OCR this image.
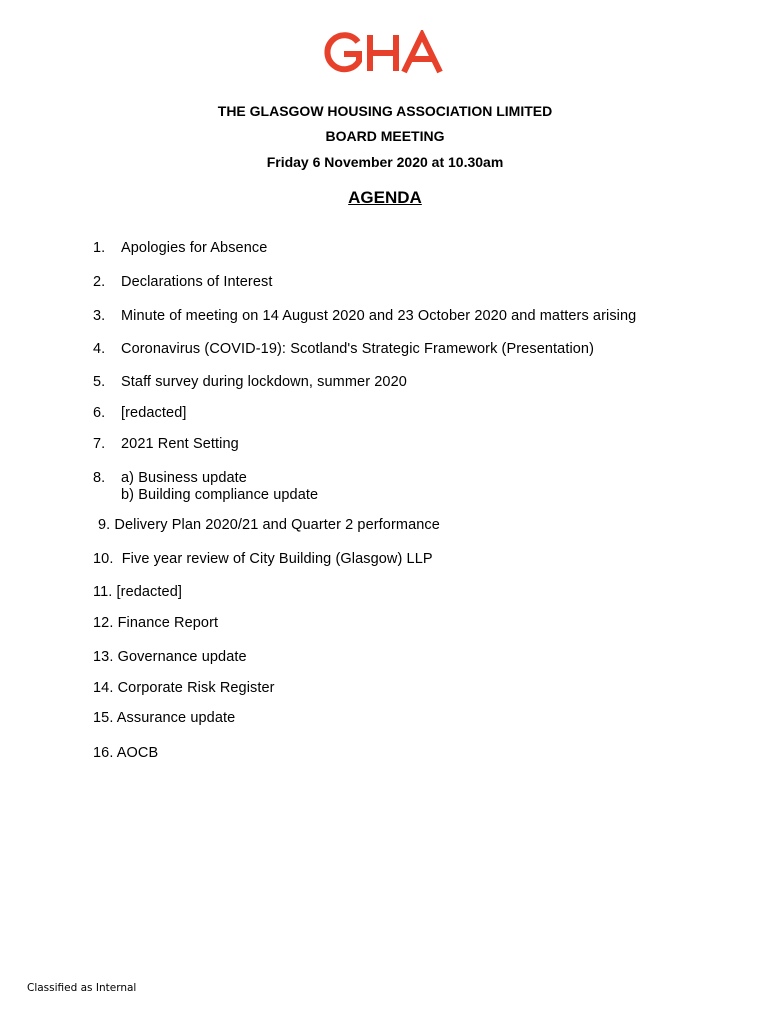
THE GLASGOW HOUSING ASSOCIATION LIMITED
BOARD MEETING
Friday 6 November 2020 at 10.30am
AGENDA
1. Apologies for Absence
2. Declarations of Interest
3. Minute of meeting on 14 August 2020 and 23 October 2020 and matters arising
4. Coronavirus (COVID-19): Scotland's Strategic Framework (Presentation)
5. Staff survey during lockdown, summer 2020
6. [redacted]
7. 2021 Rent Setting
8. a) Business update
b) Building compliance update
9. Delivery Plan 2020/21 and Quarter 2 performance
10.  Five year review of City Building (Glasgow) LLP
11. [redacted]
12. Finance Report
13. Governance update
14. Corporate Risk Register
15. Assurance update
16. AOCB
Classified as Internal
